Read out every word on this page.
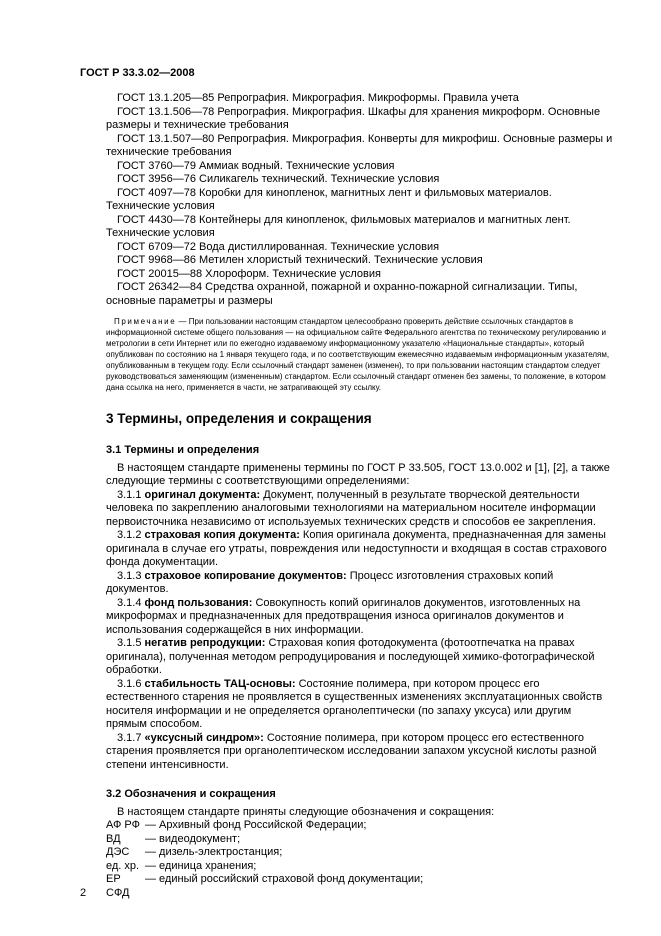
ГОСТ Р 33.3.02—2008

ГОСТ 13.1.205—85 Репрография. Микрография. Микроформы. Правила учета

ГОСТ 13.1.506—78 Репрография. Микрография. Шкафы для хранения микроформ. Основные размеры и технические требования

ГОСТ 13.1.507—80 Репрография. Микрография. Конверты для микрофиш. Основные размеры и технические требования

ГОСТ 3760—79 Аммиак водный. Технические условия

ГОСТ 3956—76 Силикагель технический. Технические условия

ГОСТ 4097—78 Коробки для кинопленок, магнитных лент и фильмовых материалов. Технические условия

ГОСТ 4430—78 Контейнеры для кинопленок, фильмовых материалов и магнитных лент. Технические условия

ГОСТ 6709—72 Вода дистиллированная. Технические условия

ГОСТ 9968—86 Метилен хлористый технический. Технические условия

ГОСТ 20015—88 Хлороформ. Технические условия

ГОСТ 26342—84 Средства охранной, пожарной и охранно-пожарной сигнализации. Типы, основные параметры и размеры

Примечание — При пользовании настоящим стандартом целесообразно проверить действие ссылочных стандартов в информационной системе общего пользования — на официальном сайте Федерального агентства по техническому регулированию и метрологии в сети Интернет или по ежегодно издаваемому информационному указателю «Национальные стандарты», который опубликован по состоянию на 1 января текущего года, и по соответствующим ежемесячно издаваемым информационным указателям, опубликованным в текущем году. Если ссылочный стандарт заменен (изменен), то при пользовании настоящим стандартом следует руководствоваться заменяющим (измененным) стандартом. Если ссылочный стандарт отменен без замены, то положение, в котором дана ссылка на него, применяется в части, не затрагивающей эту ссылку.

3 Термины, определения и сокращения
3.1 Термины и определения

В настоящем стандарте применены термины по ГОСТ Р 33.505, ГОСТ 13.0.002 и [1], [2], а также следующие термины с соответствующими определениями:

3.1.1 оригинал документа: Документ, полученный в результате творческой деятельности человека по закреплению аналоговыми технологиями на материальном носителе информации первоисточника независимо от используемых технических средств и способов ее закрепления.

3.1.2 страховая копия документа: Копия оригинала документа, предназначенная для замены оригинала в случае его утраты, повреждения или недоступности и входящая в состав страхового фонда документации.

3.1.3 страховое копирование документов: Процесс изготовления страховых копий документов.

3.1.4 фонд пользования: Совокупность копий оригиналов документов, изготовленных на микроформах и предназначенных для предотвращения износа оригиналов документов и использования содержащейся в них информации.

3.1.5 негатив репродукции: Страховая копия фотодокумента (фотоотпечатка на правах оригинала), полученная методом репродуцирования и последующей химико-фотографической обработки.

3.1.6 стабильность ТАЦ-основы: Состояние полимера, при котором процесс его естественного старения не проявляется в существенных изменениях эксплуатационных свойств носителя информации и не определяется органолептически (по запаху уксуса) или другим прямым способом.

3.1.7 «уксусный синдром»: Состояние полимера, при котором процесс его естественного старения проявляется при органолептическом исследовании запахом уксусной кислоты разной степени интенсивности.

3.2 Обозначения и сокращения

В настоящем стандарте приняты следующие обозначения и сокращения:

АФ РФ — Архивный фонд Российской Федерации;
ВД	— видеодокумент;
ДЭС	— дизель-электростанция;
ед. хр. — единица хранения;
ЕР СФД
— единый российский страховой фонд документации;
2
